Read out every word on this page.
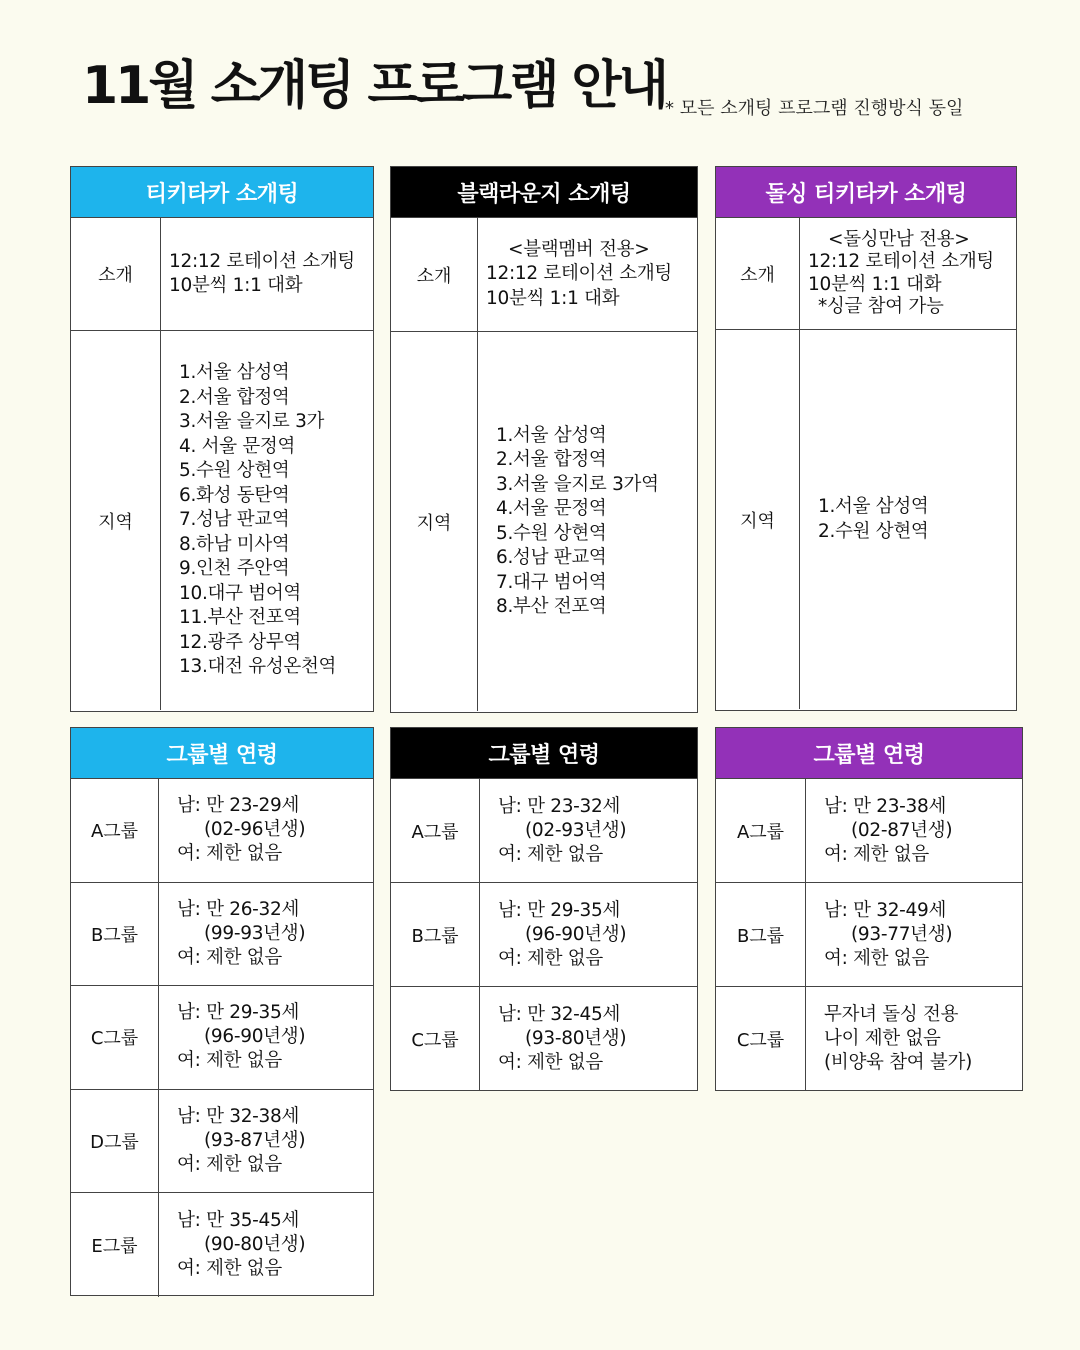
11월 소개팅 프로그램 안내 * 모든 소개팅 프로그램 진행방식 동일
티키타카 소개팅
소개
12:12 로테이션 소개팅
10분씩 1:1 대화
지역
1.서울 삼성역
2.서울 합정역
3.서울 을지로 3가
4. 서울 문정역
5.수원 상현역
6.화성 동탄역
7.성남 판교역
8.하남 미사역
9.인천 주안역
10.대구 범어역
11.부산 전포역
12.광주 상무역
13.대전 유성온천역
블랙라운지 소개팅
소개
<블랙멤버 전용>
12:12 로테이션 소개팅
10분씩 1:1 대화
지역
1.서울 삼성역
2.서울 합정역
3.서울 을지로 3가역
4.서울 문정역
5.수원 상현역
6.성남 판교역
7.대구 범어역
8.부산 전포역
돌싱 티키타카 소개팅
소개
<돌싱만남 전용>
12:12 로테이션 소개팅
10분씩 1:1 대화
*싱글 참여 가능
지역
1.서울 삼성역
2.수원 상현역
그룹별 연령
A그룹
남: 만 23-29세
(02-96년생)
여: 제한 없음
B그룹
남: 만 26-32세
(99-93년생)
여: 제한 없음
C그룹
남: 만 29-35세
(96-90년생)
여: 제한 없음
D그룹
남: 만 32-38세
(93-87년생)
여: 제한 없음
E그룹
남: 만 35-45세
(90-80년생)
여: 제한 없음
그룹별 연령
A그룹
남: 만 23-32세
(02-93년생)
여: 제한 없음
B그룹
남: 만 29-35세
(96-90년생)
여: 제한 없음
C그룹
남: 만 32-45세
(93-80년생)
여: 제한 없음
그룹별 연령
A그룹
남: 만 23-38세
(02-87년생)
여: 제한 없음
B그룹
남: 만 32-49세
(93-77년생)
여: 제한 없음
C그룹
무자녀 돌싱 전용
나이 제한 없음
(비양육 참여 불가)
